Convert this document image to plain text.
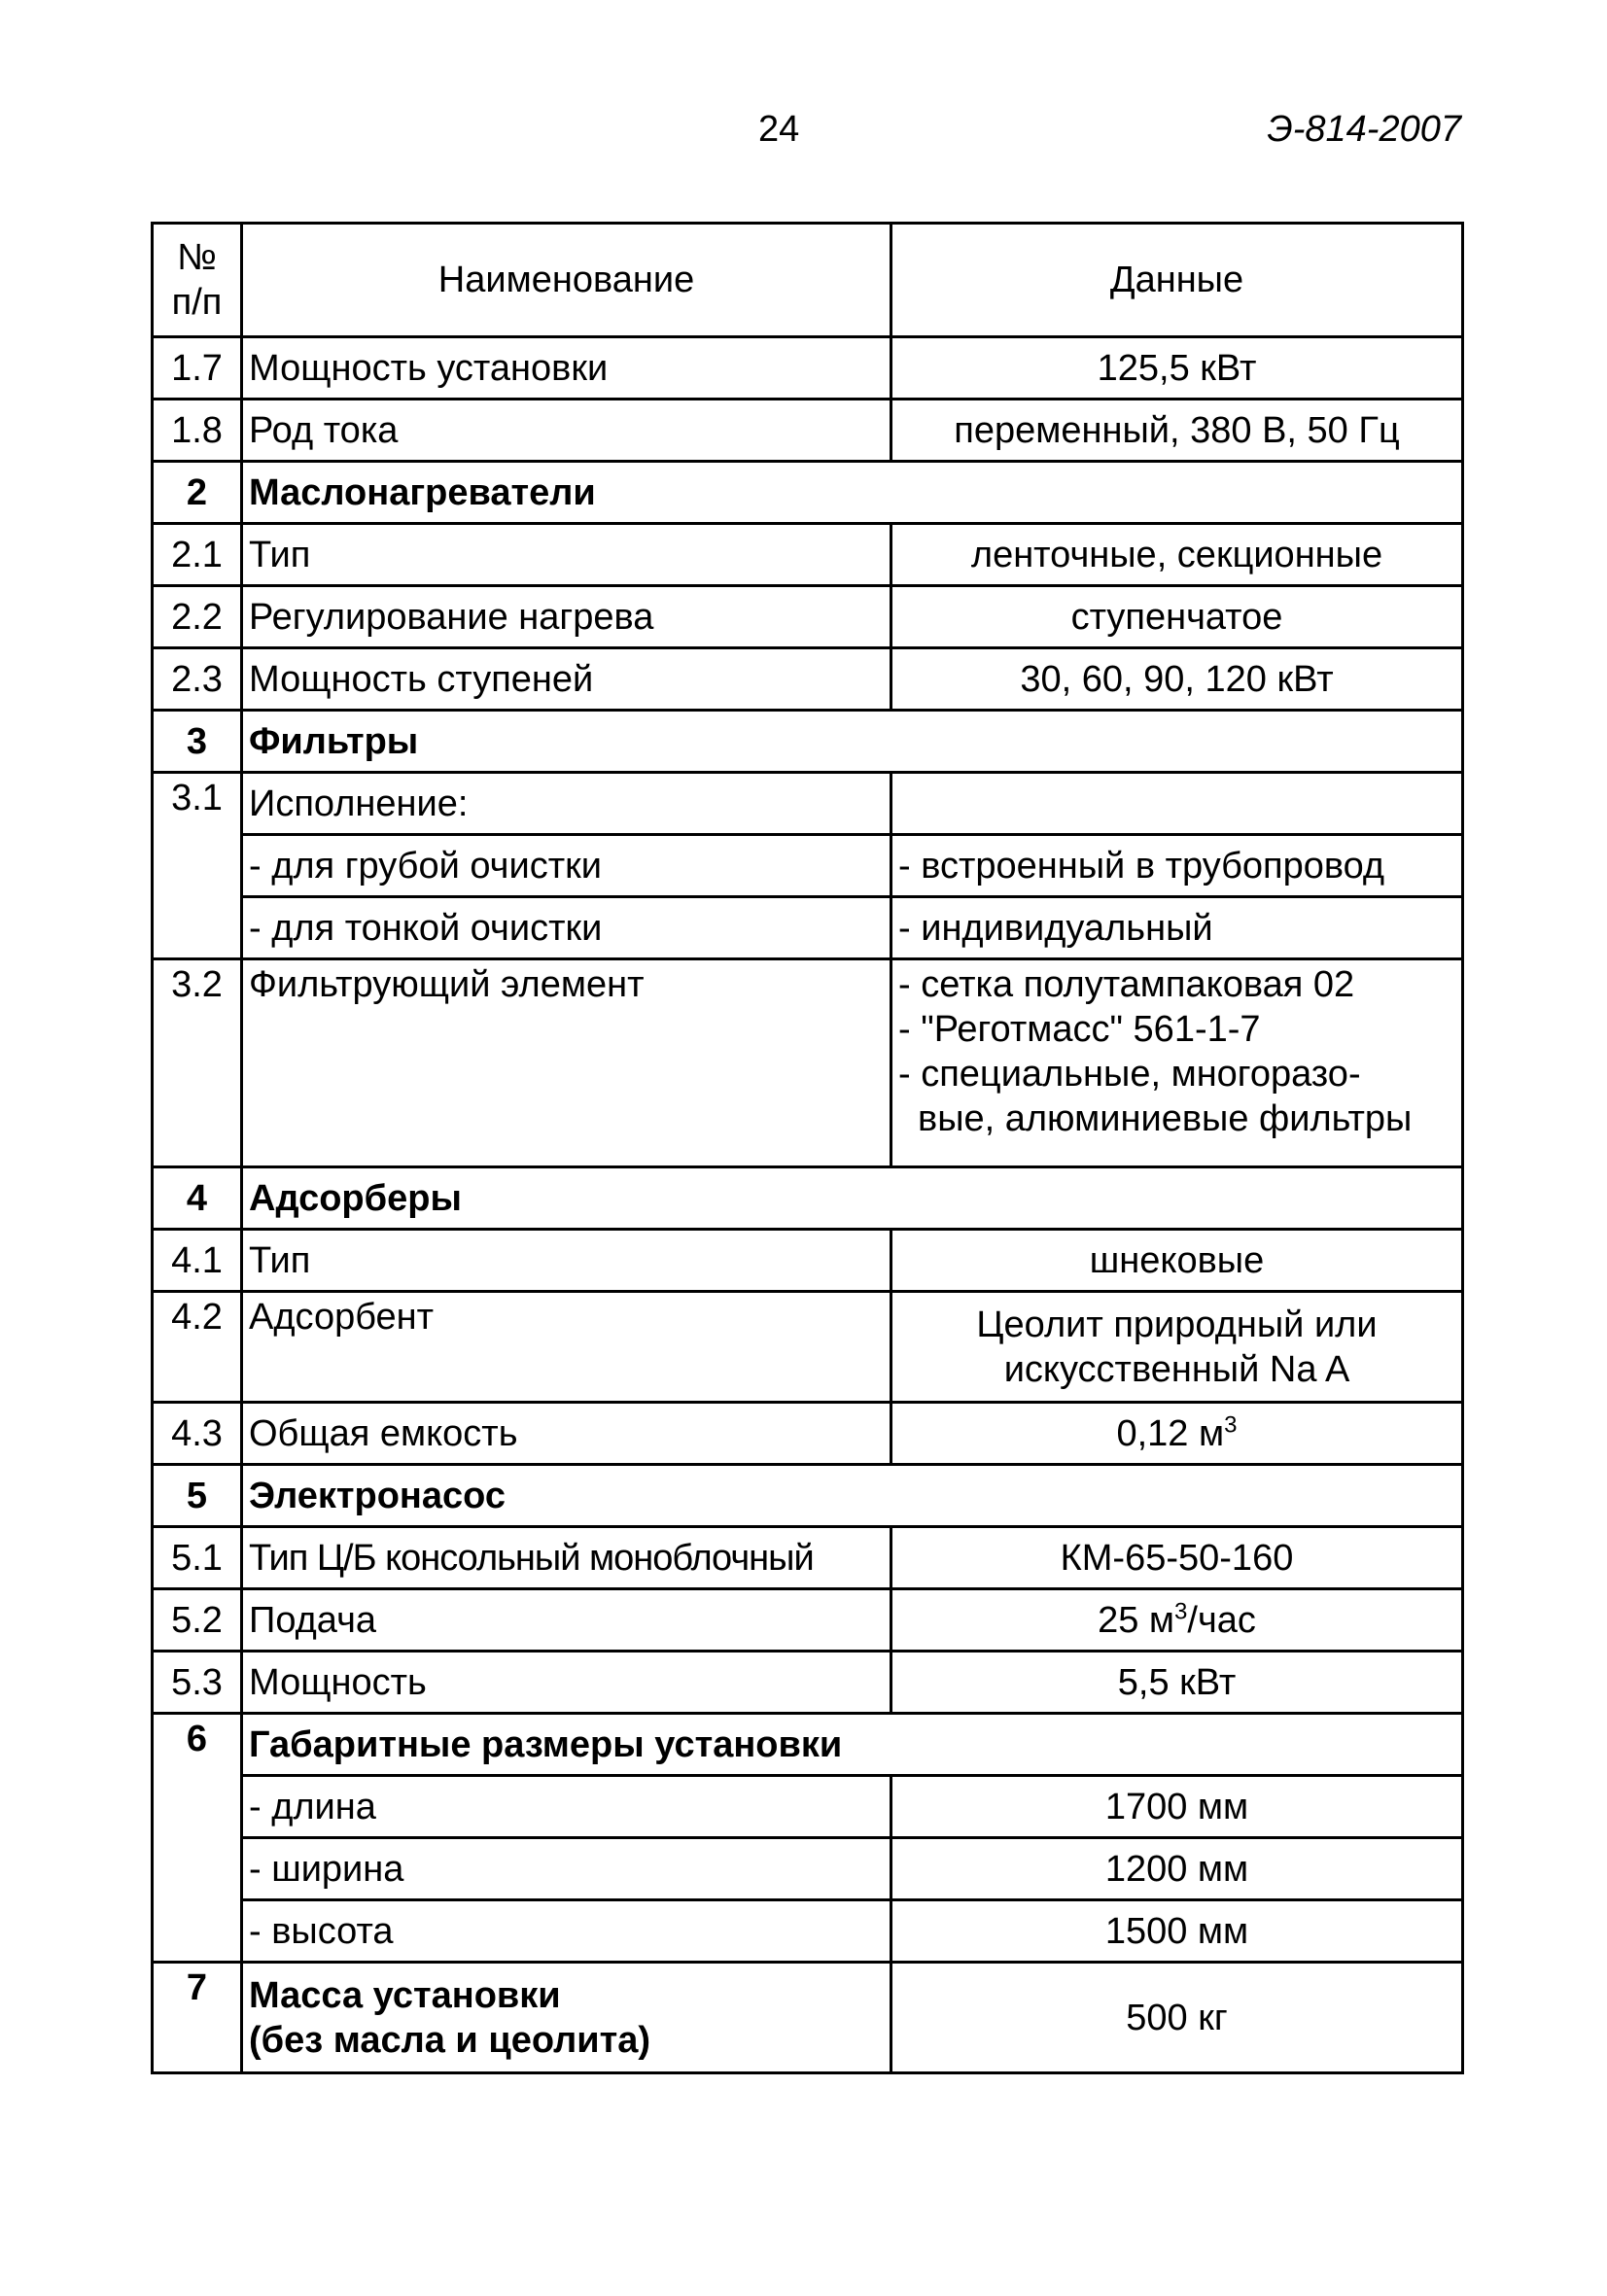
24	Э-814-2007
№ п/п	Наименование	Данные
1.7	Мощность установки	125,5 кВт
1.8	Род тока	переменный, 380 В, 50 Гц
2	Маслонагреватели	
2.1	Тип	ленточные, секционные
2.2	Регулирование нагрева	ступенчатое
2.3	Мощность ступеней	30, 60, 90, 120 кВт
3	Фильтры	
3.1	Исполнение:	
	- для грубой очистки	- встроенный в трубопровод
	- для тонкой очистки	- индивидуальный
3.2	Фильтрующий элемент	- сетка полутампаковая 02
- "Реготмасс" 561-1-7
- специальные, многоразо-
вые, алюминиевые фильтры

4	Адсорберы	
4.1	Тип	шнековые
4.2	Адсорбент	Цеолит природный или
искусственный Na A

4.3	Общая емкость	0,12 $м^3$
5	Электронасос	
5.1	Тип Ц/Б консольный моноблочный	КМ-65-50-160
5.2	Подача	25 $м^3$/час
5.3	Мощность	5,5 кВт
6	Габаритные размеры установки	
	- длина	1700 мм
	- ширина	1200 мм
	- высота	1500 мм
7	Масса установки
(без масла и цеолита)	500 кг
